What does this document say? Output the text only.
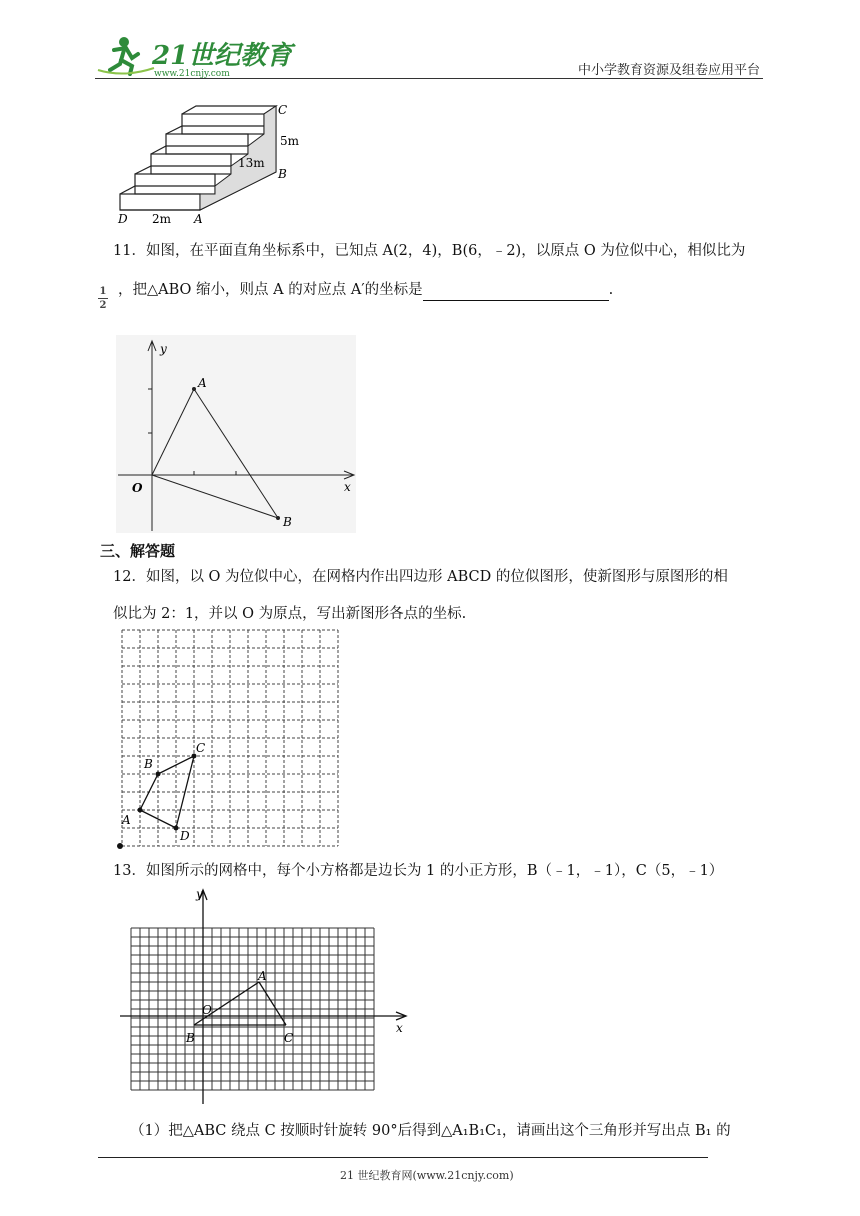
21世纪教育
www.21cnjy.com	中小学教育资源及组卷应用平台
C
5m
13m
B
D 2m A
11．如图，在平面直角坐标系中，已知点 A(2，4)，B(6，﹣2)，以原点 O 为位似中心，相似比为
1
2
，把△ABO 缩小，则点 A 的对应点 A′的坐标是	.
y
x
O
A
B
三、解答题
12．如图，以 O 为位似中心，在网格内作出四边形 ABCD 的位似图形，使新图形与原图形的相
似比为 2：1，并以 O 为原点，写出新图形各点的坐标.
B
C
A
D
13．如图所示的网格中，每个小方格都是边长为 1 的小正方形，B（﹣1，﹣1），C（5，﹣1）
y
x
O
A
B	C
（1）把△ABC 绕点 C 按顺时针旋转 90°后得到△A₁B₁C₁，请画出这个三角形并写出点 B₁ 的
21 世纪教育网(www.21cnjy.com)
